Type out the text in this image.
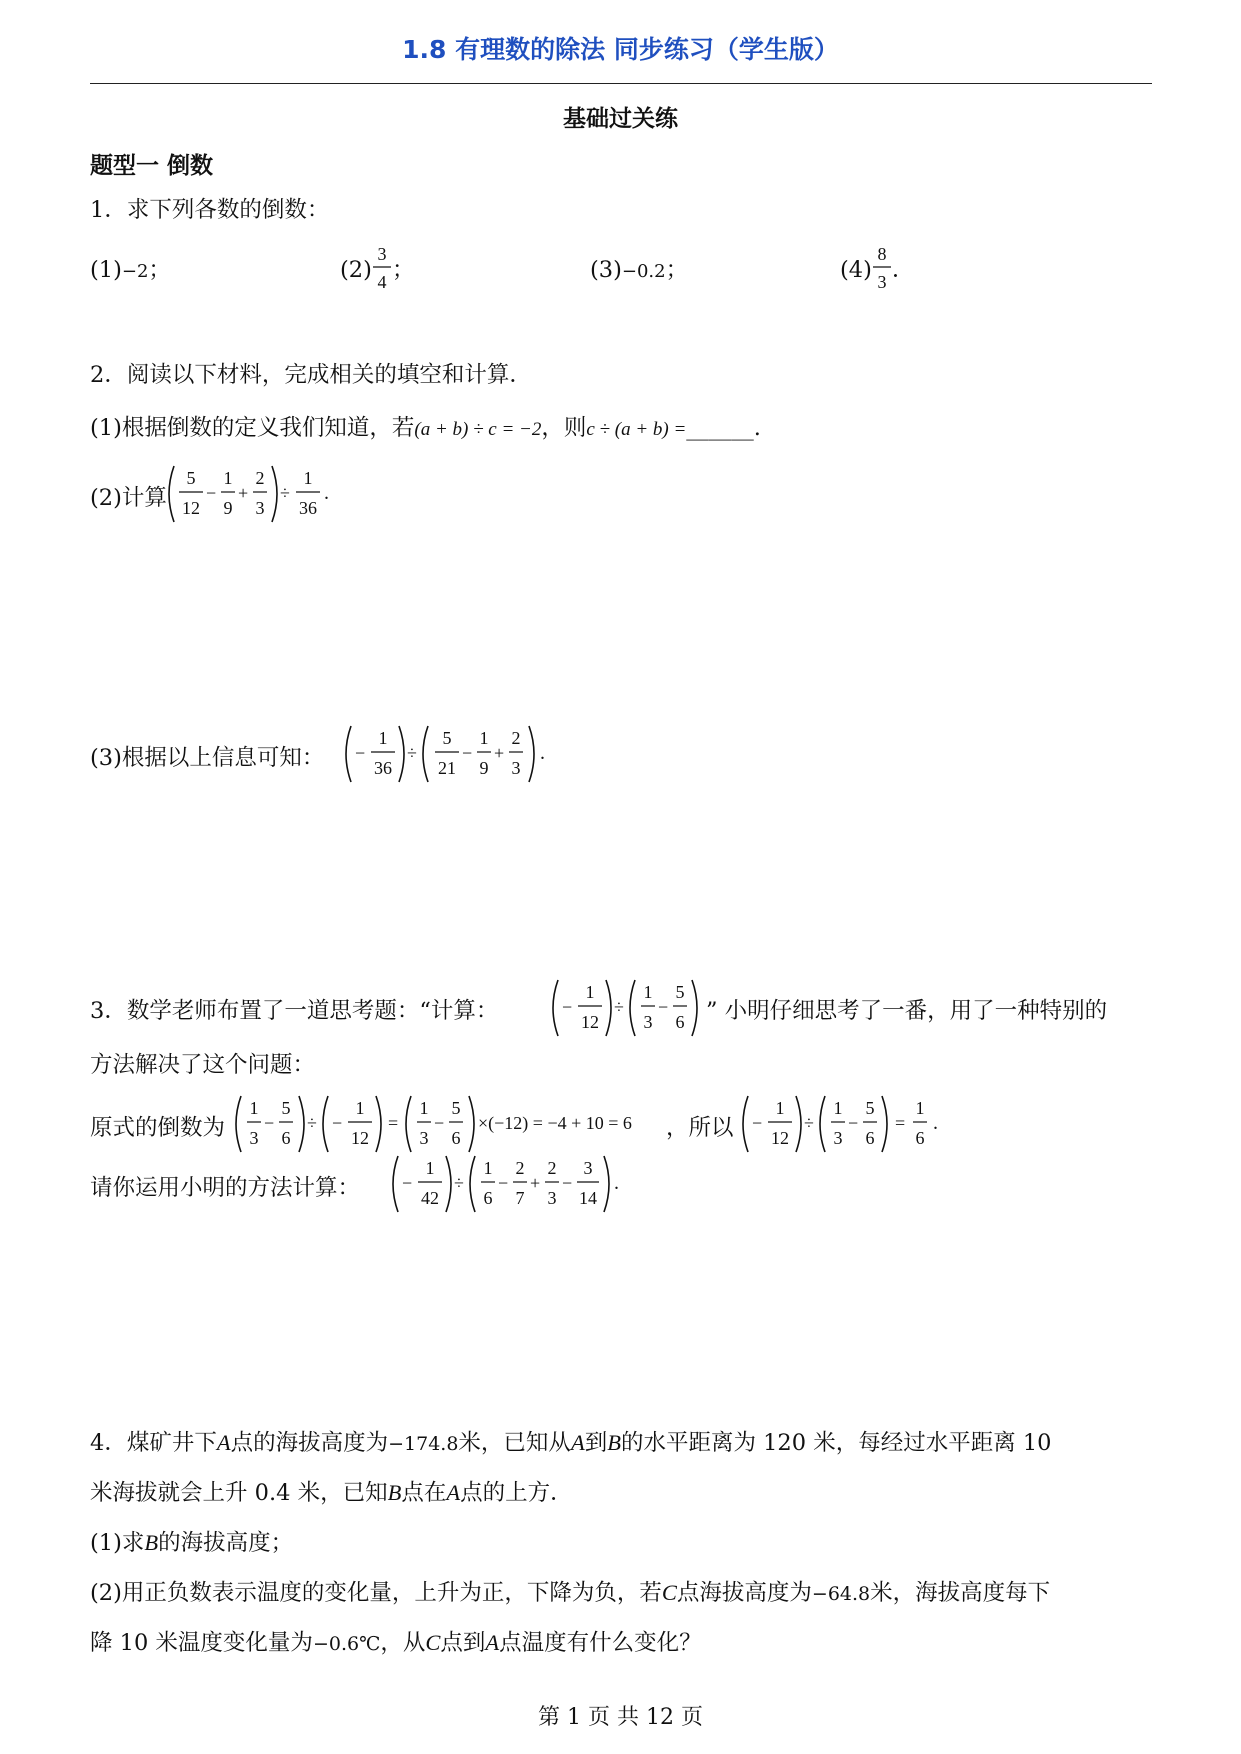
1.8 有理数的除法 同步练习（学生版）
基础过关练
题型一 倒数
1．求下列各数的倒数：
(1)−2；	(2)
3
4 ；	(3)−0.2；	(4)
8
3 ．
2．阅读以下材料，完成相关的填空和计算．
(1)根据倒数的定义我们知道，若(a + b) ÷ c = −2，则c ÷ (a + b) =______.
(2)计算
5
12
−
1
9
+
2
3
÷
1
36
.
(3)根据以上信息可知： −
1
36
÷
5
21
−
1
9
+
2
3
.
3．数学老师布置了一道思考题：“计算：	−
1
12
÷
1
3
−
5
6 ” 小明仔细思考了一番，用了一种特别的
方法解决了这个问题：
原式的倒数为
1
3
−
5
6
÷ −
1
12
=
1
3
−
5
6
×(−12) = −4 + 10 = 6 ，所以 −
1
12
÷
1
3
−
5
6
=
1
6
.
请你运用小明的方法计算： −
1
42
÷
1
6
−
2
7
+
2
3
−
3
14
.
4．煤矿井下A点的海拔高度为−174.8米，已知从A到B的水平距离为 120 米，每经过水平距离 10
米海拔就会上升 0.4 米，已知B点在A点的上方．
(1)求B的海拔高度；
(2)用正负数表示温度的变化量，上升为正，下降为负，若C点海拔高度为−64.8米，海拔高度每下
降 10 米温度变化量为−0.6℃，从C点到A点温度有什么变化？
第 1 页 共 12 页
